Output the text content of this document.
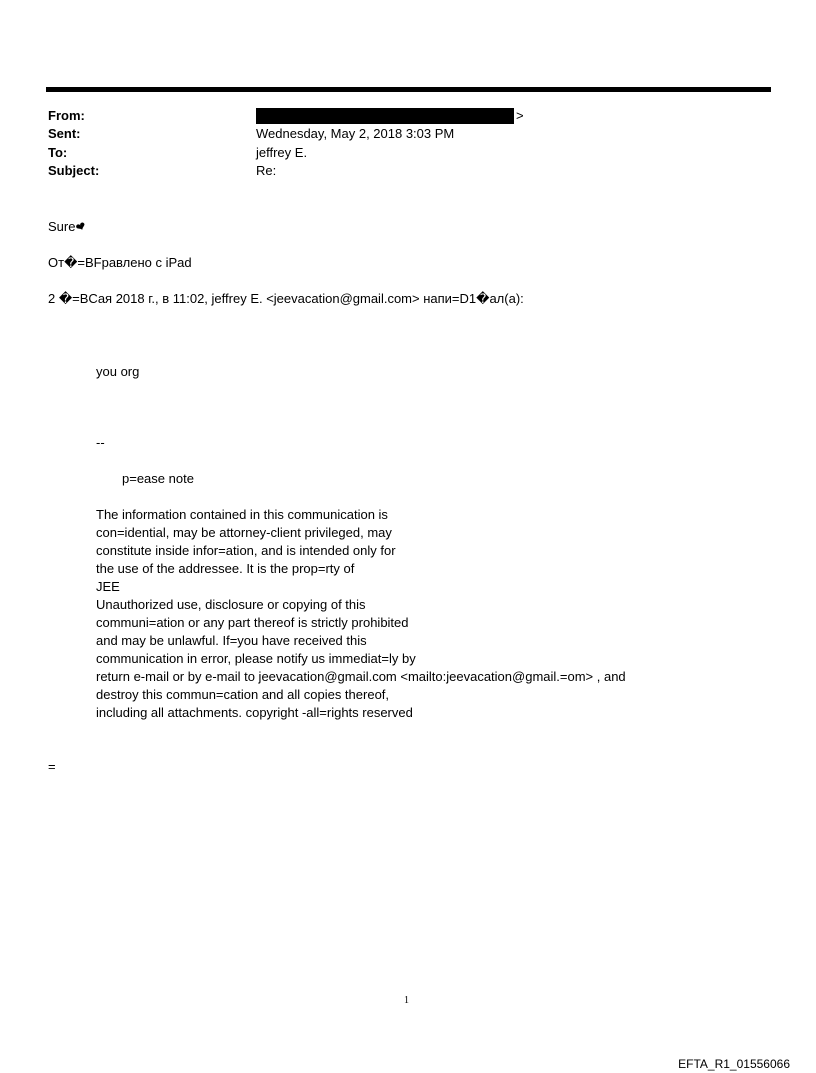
From:	>
Sent:	Wednesday, May 2, 2018 3:03 PM
To:	jeffrey E.
Subject:	Re:
Sure❤
От�=BFравлено с iPad
2 �=BCая 2018 г., в 11:02, jeffrey E. <jeevacation@gmail.com> напи=D1�ал(а):
you org
--
p=ease note
The information contained in this communication is
con=idential, may be attorney-client privileged, may
constitute inside infor=ation, and is intended only for
the use of the addressee. It is the prop=rty of
JEE
Unauthorized use, disclosure or copying of this
communi=ation or any part thereof is strictly prohibited
and may be unlawful. If=you have received this
communication in error, please notify us immediat=ly by
return e-mail or by e-mail to jeevacation@gmail.com <mailto:jeevacation@gmail.=om> , and
destroy this commun=cation and all copies thereof,
including all attachments. copyright -all=rights reserved
=
1
EFTA_R1_01556066
